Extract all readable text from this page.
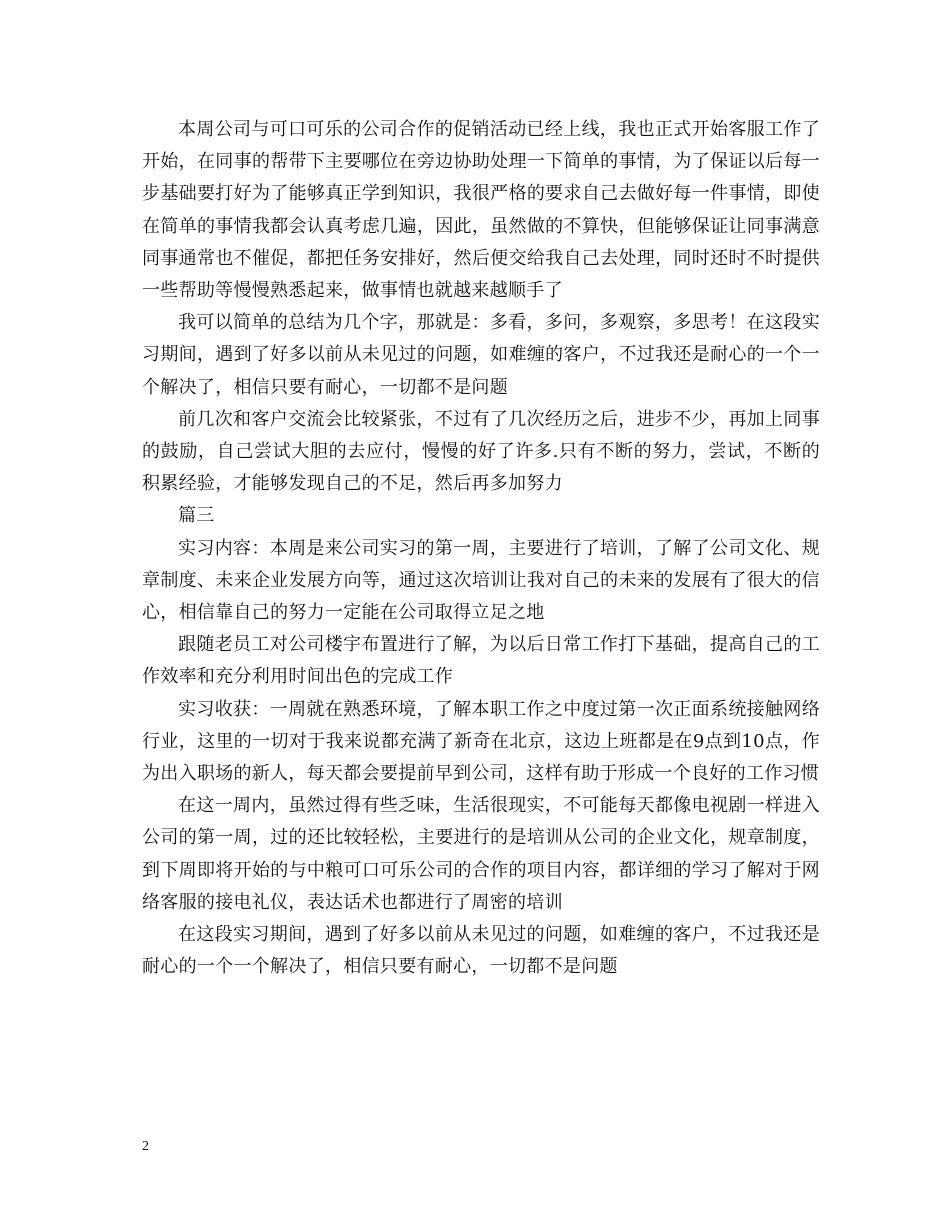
本周公司与可口可乐的公司合作的促销活动已经上线，我也正式开始客服工作了开始，在同事的帮带下主要哪位在旁边协助处理一下简单的事情，为了保证以后每一步基础要打好为了能够真正学到知识，我很严格的要求自己去做好每一件事情，即使在简单的事情我都会认真考虑几遍，因此，虽然做的不算快，但能够保证让同事满意同事通常也不催促，都把任务安排好，然后便交给我自己去处理，同时还时不时提供一些帮助等慢慢熟悉起来，做事情也就越来越顺手了

我可以简单的总结为几个字，那就是：多看，多问，多观察，多思考！在这段实习期间，遇到了好多以前从未见过的问题，如难缠的客户，不过我还是耐心的一个一个解决了，相信只要有耐心，一切都不是问题

前几次和客户交流会比较紧张，不过有了几次经历之后，进步不少，再加上同事的鼓励，自己尝试大胆的去应付，慢慢的好了许多.只有不断的努力，尝试，不断的积累经验，才能够发现自己的不足，然后再多加努力

篇三

实习内容：本周是来公司实习的第一周，主要进行了培训，了解了公司文化、规章制度、未来企业发展方向等，通过这次培训让我对自己的未来的发展有了很大的信心，相信靠自己的努力一定能在公司取得立足之地

跟随老员工对公司楼宇布置进行了解，为以后日常工作打下基础，提高自己的工作效率和充分利用时间出色的完成工作

实习收获：一周就在熟悉环境，了解本职工作之中度过第一次正面系统接触网络行业，这里的一切对于我来说都充满了新奇在北京，这边上班都是在9点到10点，作为出入职场的新人，每天都会要提前早到公司，这样有助于形成一个良好的工作习惯

在这一周内，虽然过得有些乏味，生活很现实，不可能每天都像电视剧一样进入公司的第一周，过的还比较轻松，主要进行的是培训从公司的企业文化，规章制度，到下周即将开始的与中粮可口可乐公司的合作的项目内容，都详细的学习了解对于网络客服的接电礼仪，表达话术也都进行了周密的培训

在这段实习期间，遇到了好多以前从未见过的问题，如难缠的客户，不过我还是耐心的一个一个解决了，相信只要有耐心，一切都不是问题

2
